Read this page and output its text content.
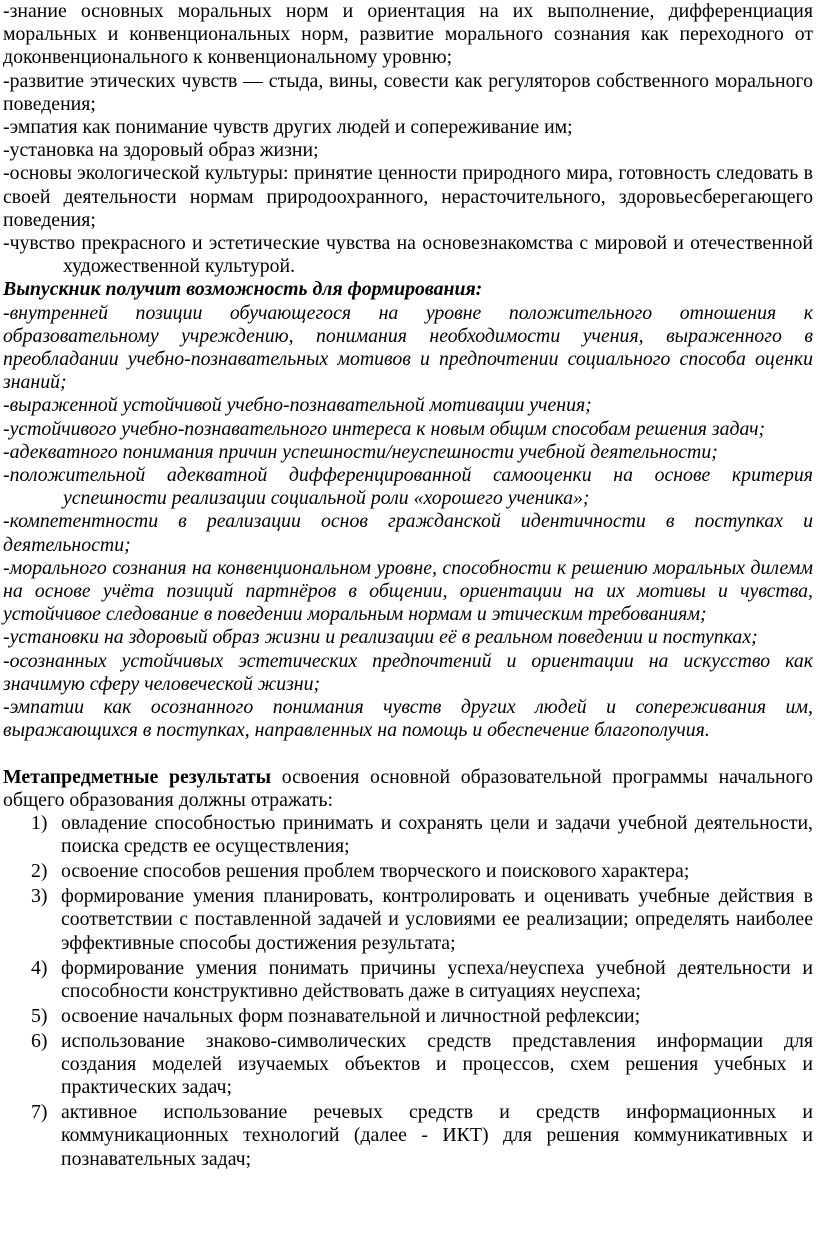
-знание основных моральных норм и ориентация на их выполнение, дифференциация моральных и конвенциональных норм, развитие морального сознания как переходного от доконвенционального к конвенциональному уровню;

-развитие этических чувств — стыда, вины, совести как регуляторов собственного морального поведения;

-эмпатия как понимание чувств других людей и сопереживание им;

-установка на здоровый образ жизни;

-основы экологической культуры: принятие ценности природного мира, готовность следовать в своей деятельности нормам природоохранного, нерасточительного, здоровьесберегающего поведения;

-чувство прекрасного и эстетические чувства на основезнакомства с мировой и отечественной художественной культурой.

Выпускник получит возможность для формирования:

-внутренней позиции обучающегося на уровне положительного отношения к образовательному учреждению, понимания необходимости учения, выраженного в преобладании учебно-познавательных мотивов и предпочтении социального способа оценки знаний;

-выраженной устойчивой учебно-познавательной мотивации учения;

-устойчивого учебно-познавательного интереса к новым общим способам решения задач;

-адекватного понимания причин успешности/неуспешности учебной деятельности;

-положительной адекватной дифференцированной самооценки на основе критерия успешности реализации социальной роли «хорошего ученика»;

-компетентности в реализации основ гражданской идентичности в поступках и деятельности;

-морального сознания на конвенциональном уровне, способности к решению моральных дилемм на основе учёта позиций партнёров в общении, ориентации на их мотивы и чувства, устойчивое следование в поведении моральным нормам и этическим требованиям;

-установки на здоровый образ жизни и реализации её в реальном поведении и поступках;

-осознанных устойчивых эстетических предпочтений и ориентации на искусство как значимую сферу человеческой жизни;

-эмпатии как осознанного понимания чувств других людей и сопереживания им, выражающихся в поступках, направленных на помощь и обеспечение благополучия.

Метапредметные результаты освоения основной образовательной программы начального общего образования должны отражать:

1) овладение способностью принимать и сохранять цели и задачи учебной деятельности, поиска средств ее осуществления;
2) освоение способов решения проблем творческого и поискового характера;
3) формирование умения планировать, контролировать и оценивать учебные действия в соответствии с поставленной задачей и условиями ее реализации; определять наиболее эффективные способы достижения результата;
4) формирование умения понимать причины успеха/неуспеха учебной деятельности и способности конструктивно действовать даже в ситуациях неуспеха;
5) освоение начальных форм познавательной и личностной рефлексии;
6) использование знаково-символических средств представления информации для создания моделей изучаемых объектов и процессов, схем решения учебных и практических задач;
7) активное использование речевых средств и средств информационных и коммуникационных технологий (далее - ИКТ) для решения коммуникативных и познавательных задач;
